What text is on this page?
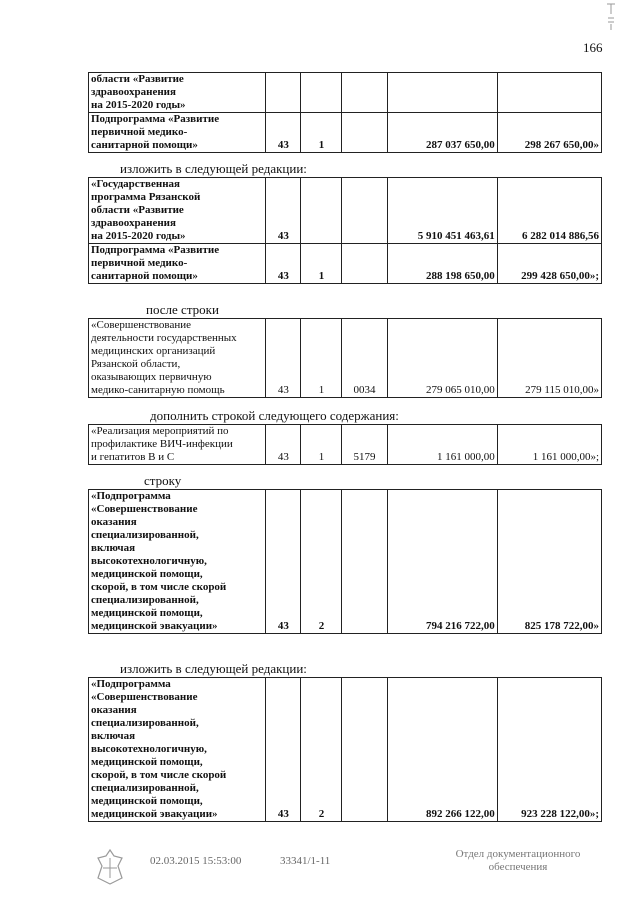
166
области «Развитие
здравоохранения
на 2015-2020 годы»					

Подпрограмма «Развитие
первичной медико-
санитарной помощи»	43	1		287 037 650,00	298 267 650,00»
изложить в следующей редакции:
«Государственная
программа Рязанской
области «Развитие
здравоохранения
на 2015-2020 годы»	43			5 910 451 463,61	6 282 014 886,56

Подпрограмма «Развитие
первичной медико-
санитарной помощи»	43	1		288 198 650,00	299 428 650,00»;
после строки
«Совершенствование
деятельности государственных
медицинских организаций
Рязанской области,
оказывающих первичную
медико-санитарную помощь	43	1	0034	279 065 010,00	279 115 010,00»
дополнить строкой следующего содержания:
«Реализация мероприятий по
профилактике ВИЧ-инфекции
и гепатитов В и С	43	1	5179	1 161 000,00	1 161 000,00»;
строку
«Подпрограмма
«Совершенствование
оказания
специализированной,
включая
высокотехнологичную,
медицинской помощи,
скорой, в том числе скорой
специализированной,
медицинской помощи,
медицинской эвакуации»	43	2		794 216 722,00	825 178 722,00»
изложить в следующей редакции:
«Подпрограмма
«Совершенствование
оказания
специализированной,
включая
высокотехнологичную,
медицинской помощи,
скорой, в том числе скорой
специализированной,
медицинской помощи,
медицинской эвакуации»	43	2		892 266 122,00	923 228 122,00»;
02.03.2015 15:53:00	33341/1-11
Отдел документационного
обеспечения
